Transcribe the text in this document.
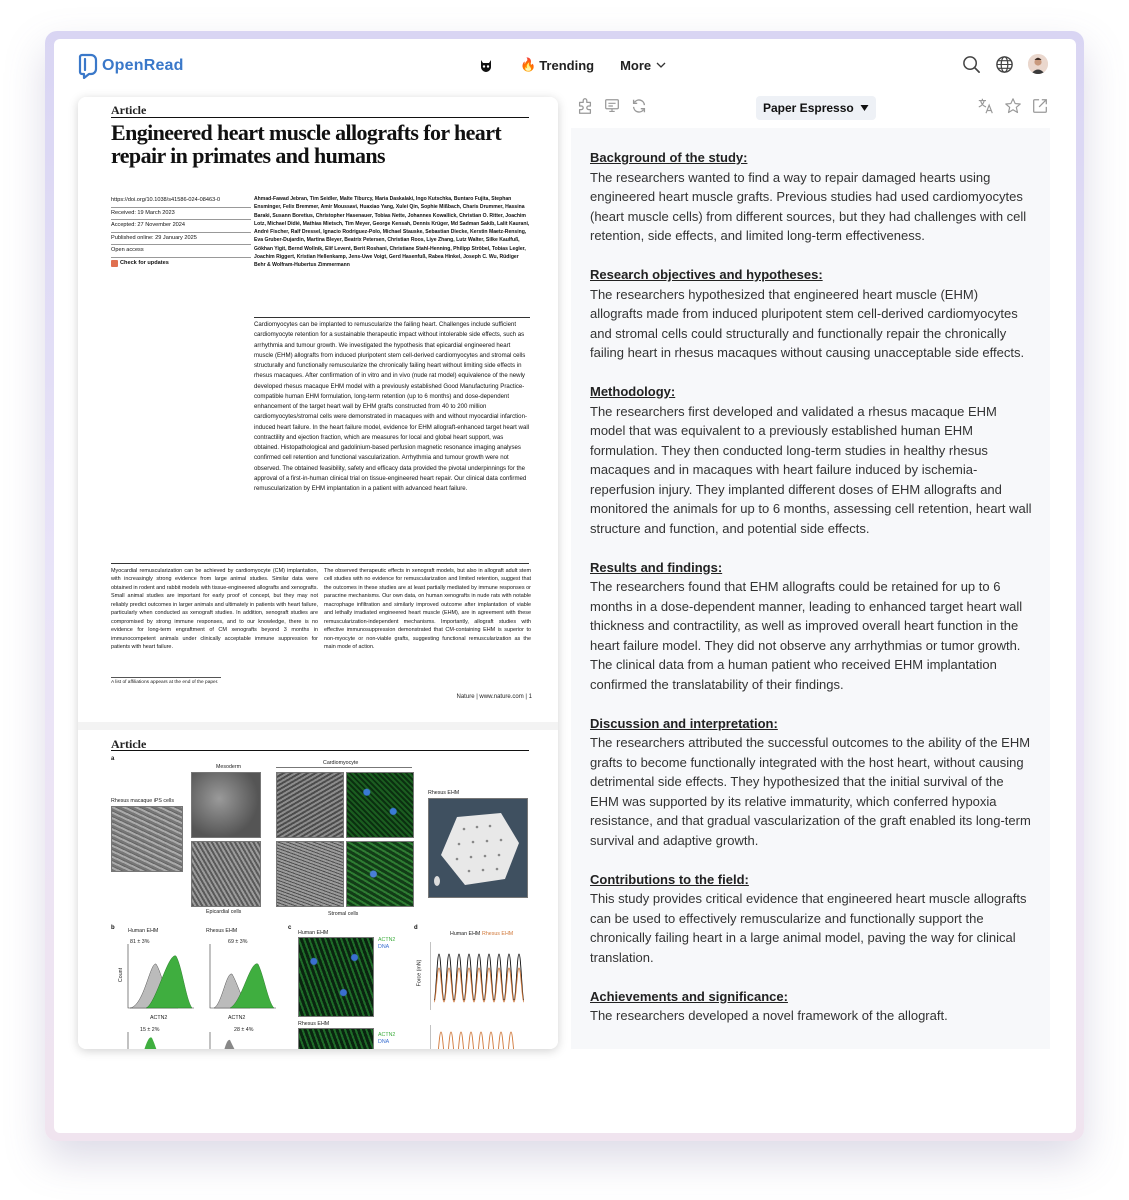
OpenRead	🔥 Trending More
Article
Engineered heart muscle allografts for heart repair in primates and humans
https://doi.org/10.1038/s41586-024-08463-0
Received: 19 March 2023
Accepted: 27 November 2024
Published online: 29 January 2025
Open access
Check for updates
Ahmad-Fawad Jebran, Tim Seidler, Malte Tiburcy, Maria Daskalaki, Ingo Kutschka, Buntaro Fujita, Stephan Ensminger, Felix Bremmer, Amir Moussavi, Huaxiao Yang, Xulei Qin, Sophie Mißbach, Charis Drummer, Hassina Baraki, Susann Boretius, Christopher Hasenauer, Tobias Nette, Johannes Kowallick, Christian O. Ritter, Joachim Lotz, Michael Didié, Mathias Mietsch, Tim Meyer, George Kensah, Dennis Krüger, Md Sadman Sakib, Lalit Kaurani, André Fischer, Ralf Dressel, Ignacio Rodriguez-Polo, Michael Stauske, Sebastian Diecke, Kerstin Maetz-Rensing, Eva Gruber-Dujardin, Martina Bleyer, Beatrix Petersen, Christian Roos, Liye Zhang, Lutz Walter, Silke Kaulfuß, Gökhan Yigit, Bernd Wollnik, Elif Levent, Berit Roshani, Christiane Stahl-Henning, Philipp Ströbel, Tobias Legler, Joachim Riggert, Kristian Hellenkamp, Jens-Uwe Voigt, Gerd Hasenfuß, Rabea Hinkel, Joseph C. Wu, Rüdiger Behr & Wolfram-Hubertus Zimmermann
Cardiomyocytes can be implanted to remuscularize the failing heart. Challenges include sufficient cardiomyocyte retention for a sustainable therapeutic impact without intolerable side effects, such as arrhythmia and tumour growth. We investigated the hypothesis that epicardial engineered heart muscle (EHM) allografts from induced pluripotent stem cell-derived cardiomyocytes and stromal cells structurally and functionally remuscularize the chronically failing heart without limiting side effects in rhesus macaques. After confirmation of in vitro and in vivo (nude rat model) equivalence of the newly developed rhesus macaque EHM model with a previously established Good Manufacturing Practice-compatible human EHM formulation, long-term retention (up to 6 months) and dose-dependent enhancement of the target heart wall by EHM grafts constructed from 40 to 200 million cardiomyocytes/stromal cells were demonstrated in macaques with and without myocardial infarction-induced heart failure. In the heart failure model, evidence for EHM allograft-enhanced target heart wall contractility and ejection fraction, which are measures for local and global heart support, was obtained. Histopathological and gadolinium-based perfusion magnetic resonance imaging analyses confirmed cell retention and functional vascularization. Arrhythmia and tumour growth were not observed. The obtained feasibility, safety and efficacy data provided the pivotal underpinnings for the approval of a first-in-human clinical trial on tissue-engineered heart repair. Our clinical data confirmed remuscularization by EHM implantation in a patient with advanced heart failure.
Myocardial remuscularization can be achieved by cardiomyocyte (CM) implantation, with increasingly strong evidence from large animal studies. Similar data were obtained in rodent and rabbit models with tissue-engineered allografts and xenografts. Small animal studies are important for early proof of concept, but they may not reliably predict outcomes in larger animals and ultimately in patients with heart failure, particularly when conducted as xenograft studies. In addition, xenograft studies are compromised by strong immune responses, and to our knowledge, there is no evidence for long-term engraftment of CM xenografts beyond 3 months in immunocompetent animals under clinically acceptable immune suppression for patients with heart failure.
The observed therapeutic effects in xenograft models, but also in allograft adult stem cell studies with no evidence for remuscularization and limited retention, suggest that the outcomes in these studies are at least partially mediated by immune responses or paracrine mechanisms. Our own data, on human xenografts in nude rats with notable macrophage infiltration and similarly improved outcome after implantation of viable and lethally irradiated engineered heart muscle (EHM), are in agreement with these remuscularization-independent mechanisms. Importantly, allograft studies with effective immunosuppression demonstrated that CM-containing EHM is superior to non-myocyte or non-viable grafts, suggesting functional remuscularization as the main mode of action.
A list of affiliations appears at the end of the paper.
Nature | www.nature.com | 1
Article
a
Mesoderm
Cardiomyocyte
Rhesus macaque iPS cells
Epicardial cells	Stromal cells
Rhesus EHM
b	Human EHM	Rhesus EHM
81 ± 3%	69 ± 3%
15 ± 2%	28 ± 4%
Count
ACTN2	ACTN2
c
Human EHM
ACTN2
DNA
Rhesus EHM
ACTN2
DNA
d
Human EHM Rhesus EHM
Force (mN)
Paper Espresso
Background of the study:
The researchers wanted to find a way to repair damaged hearts using engineered heart muscle grafts. Previous studies had used cardiomyocytes (heart muscle cells) from different sources, but they had challenges with cell retention, side effects, and limited long-term effectiveness.
Research objectives and hypotheses:
The researchers hypothesized that engineered heart muscle (EHM) allografts made from induced pluripotent stem cell-derived cardiomyocytes and stromal cells could structurally and functionally repair the chronically failing heart in rhesus macaques without causing unacceptable side effects.
Methodology:
The researchers first developed and validated a rhesus macaque EHM model that was equivalent to a previously established human EHM formulation. They then conducted long-term studies in healthy rhesus macaques and in macaques with heart failure induced by ischemia-reperfusion injury. They implanted different doses of EHM allografts and monitored the animals for up to 6 months, assessing cell retention, heart wall structure and function, and potential side effects.
Results and findings:
The researchers found that EHM allografts could be retained for up to 6 months in a dose-dependent manner, leading to enhanced target heart wall thickness and contractility, as well as improved overall heart function in the heart failure model. They did not observe any arrhythmias or tumor growth. The clinical data from a human patient who received EHM implantation confirmed the translatability of their findings.
Discussion and interpretation:
The researchers attributed the successful outcomes to the ability of the EHM grafts to become functionally integrated with the host heart, without causing detrimental side effects. They hypothesized that the initial survival of the EHM was supported by its relative immaturity, which conferred hypoxia resistance, and that gradual vascularization of the graft enabled its long-term survival and adaptive growth.
Contributions to the field:
This study provides critical evidence that engineered heart muscle allografts can be used to effectively remuscularize and functionally support the chronically failing heart in a large animal model, paving the way for clinical translation.
Achievements and significance:
The researchers developed a novel framework of the allograft.
